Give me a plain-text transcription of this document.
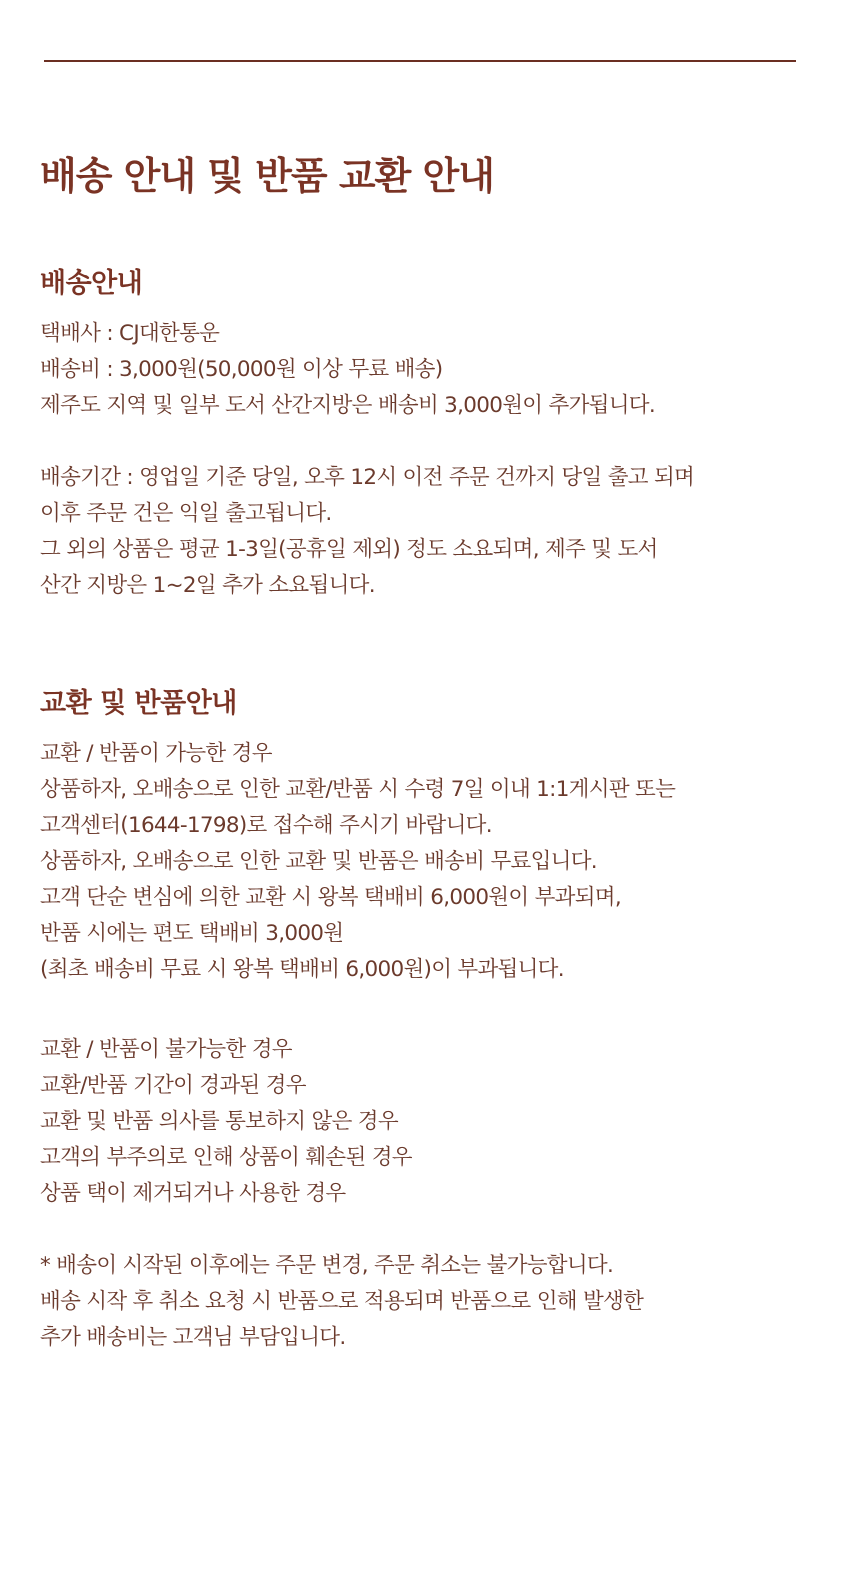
배송 안내 및 반품 교환 안내
배송안내
택배사 : CJ대한통운
배송비 : 3,000원(50,000원 이상 무료 배송)
제주도 지역 및 일부 도서 산간지방은 배송비 3,000원이 추가됩니다.
배송기간 : 영업일 기준 당일, 오후 12시 이전 주문 건까지 당일 출고 되며
이후 주문 건은 익일 출고됩니다.
그 외의 상품은 평균 1-3일(공휴일 제외) 정도 소요되며, 제주 및 도서
산간 지방은 1~2일 추가 소요됩니다.
교환 및 반품안내
교환 / 반품이 가능한 경우
상품하자, 오배송으로 인한 교환/반품 시 수령 7일 이내 1:1게시판 또는
고객센터(1644-1798)로 접수해 주시기 바랍니다.
상품하자, 오배송으로 인한 교환 및 반품은 배송비 무료입니다.
고객 단순 변심에 의한 교환 시 왕복 택배비 6,000원이 부과되며,
반품 시에는 편도 택배비 3,000원
(최초 배송비 무료 시 왕복 택배비 6,000원)이 부과됩니다.
교환 / 반품이 불가능한 경우
교환/반품 기간이 경과된 경우
교환 및 반품 의사를 통보하지 않은 경우
고객의 부주의로 인해 상품이 훼손된 경우
상품 택이 제거되거나 사용한 경우
* 배송이 시작된 이후에는 주문 변경, 주문 취소는 불가능합니다.
배송 시작 후 취소 요청 시 반품으로 적용되며 반품으로 인해 발생한
추가 배송비는 고객님 부담입니다.
